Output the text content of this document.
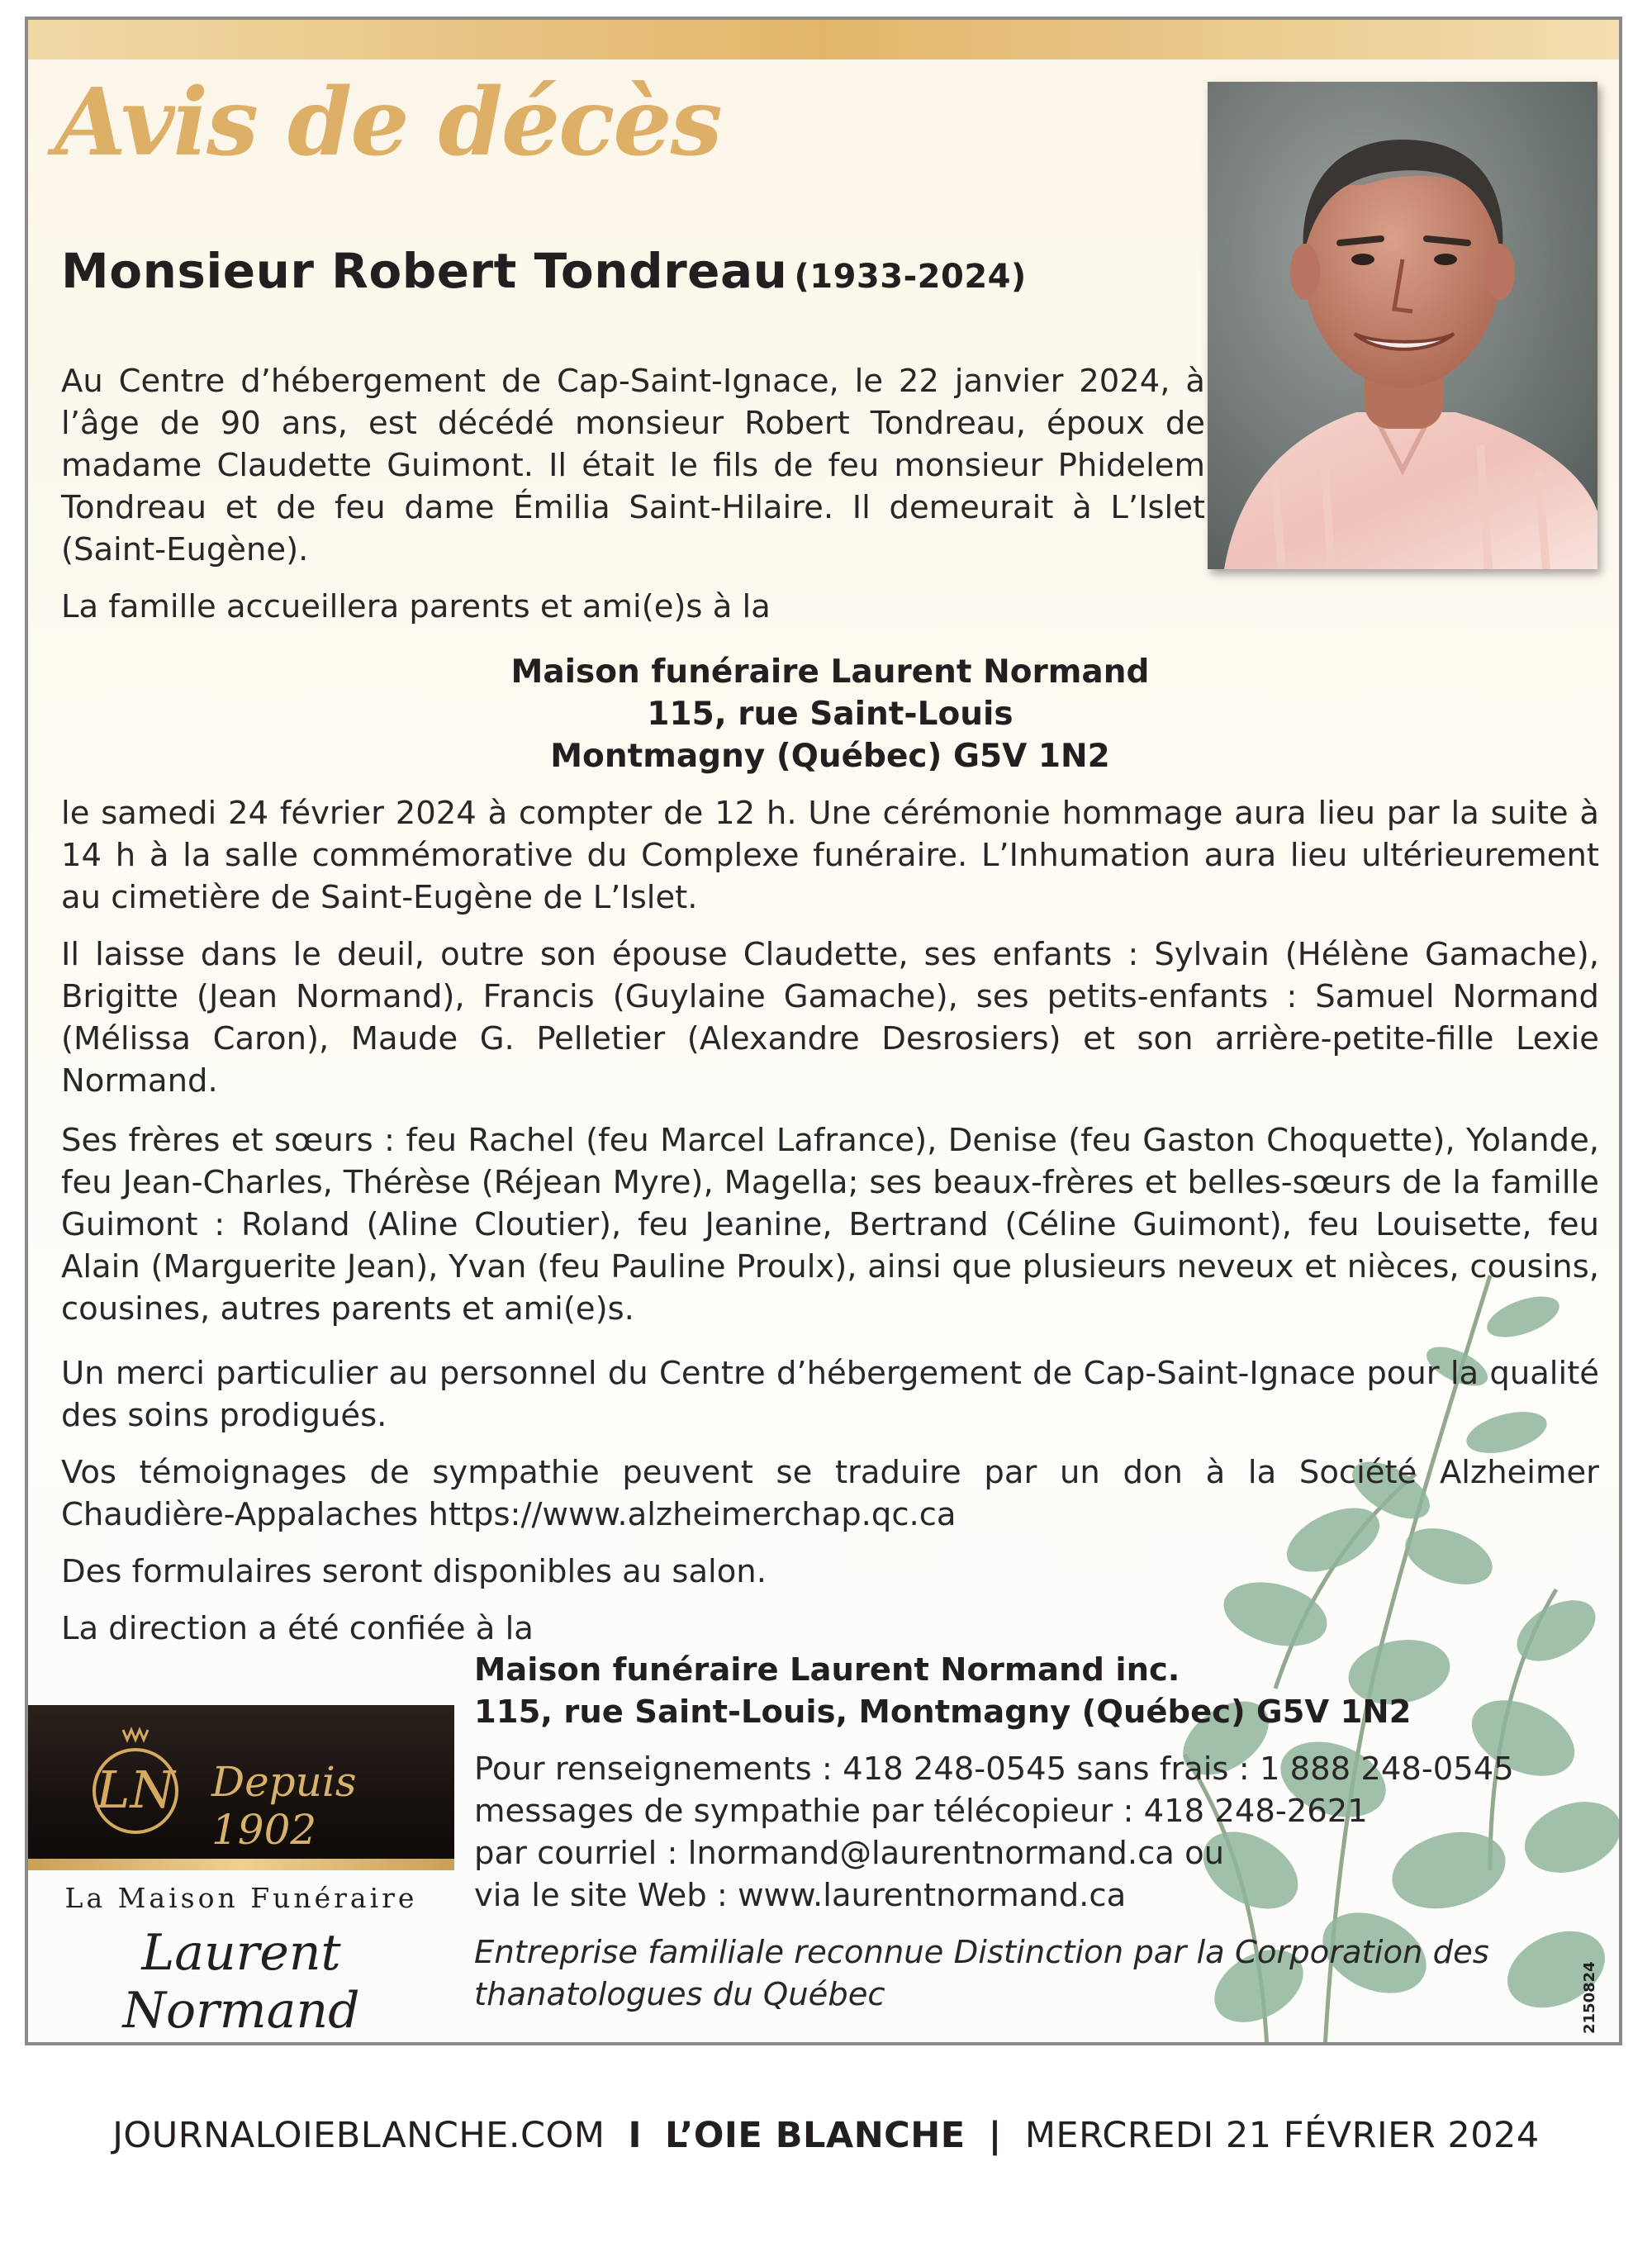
Avis de décès
Monsieur Robert Tondreau (1933-2024)

Au Centre d’hébergement de Cap-Saint-Ignace, le 22 janvier 2024, à l’âge de 90 ans, est décédé monsieur Robert Tondreau, époux de madame Claudette Guimont. Il était le fils de feu monsieur Phidelem Tondreau et de feu dame Émilia Saint-Hilaire. Il demeurait à L’Islet (Saint-Eugène).

La famille accueillera parents et ami(e)s à la

Maison funéraire Laurent Normand
115, rue Saint-Louis
Montmagny (Québec) G5V 1N2

le samedi 24 février 2024 à compter de 12 h. Une cérémonie hommage aura lieu par la suite à 14 h à la salle commémorative du Complexe funéraire. L’Inhumation aura lieu ultérieurement au cimetière de Saint-Eugène de L’Islet.

Il laisse dans le deuil, outre son épouse Claudette, ses enfants : Sylvain (Hélène Gamache), Brigitte (Jean Normand), Francis (Guylaine Gamache), ses petits-enfants : Samuel Normand (Mélissa Caron), Maude G. Pelletier (Alexandre Desrosiers) et son arrière-petite-fille Lexie Normand.

Ses frères et sœurs : feu Rachel (feu Marcel Lafrance), Denise (feu Gaston Choquette), Yolande, feu Jean-Charles, Thérèse (Réjean Myre), Magella; ses beaux-frères et belles-sœurs de la famille Guimont : Roland (Aline Cloutier), feu Jeanine, Bertrand (Céline Guimont), feu Louisette, feu Alain (Marguerite Jean), Yvan (feu Pauline Proulx), ainsi que plusieurs neveux et nièces, cousins, cousines, autres parents et ami(e)s.

Un merci particulier au personnel du Centre d’hébergement de Cap-Saint-Ignace pour la qualité des soins prodigués.

Vos témoignages de sympathie peuvent se traduire par un don à la Société Alzheimer Chaudière-Appalaches https://www.alzheimerchap.qc.ca

Des formulaires seront disponibles au salon.

La direction a été confiée à la

Maison funéraire Laurent Normand inc.
115, rue Saint-Louis, Montmagny (Québec) G5V 1N2
Pour renseignements : 418 248-0545 sans frais : 1 888 248-0545
messages de sympathie par télécopieur : 418 248-2621
par courriel : lnormand@laurentnormand.ca ou
via le site Web : www.laurentnormand.ca
Entreprise familiale reconnue Distinction par la Corporation des
thanatologues du Québec
LN Depuis 1902
La Maison Funéraire
Laurent Normand	2150824
JOURNALOIEBLANCHE.COM I L’OIE BLANCHE | MERCREDI 21 FÉVRIER 2024
